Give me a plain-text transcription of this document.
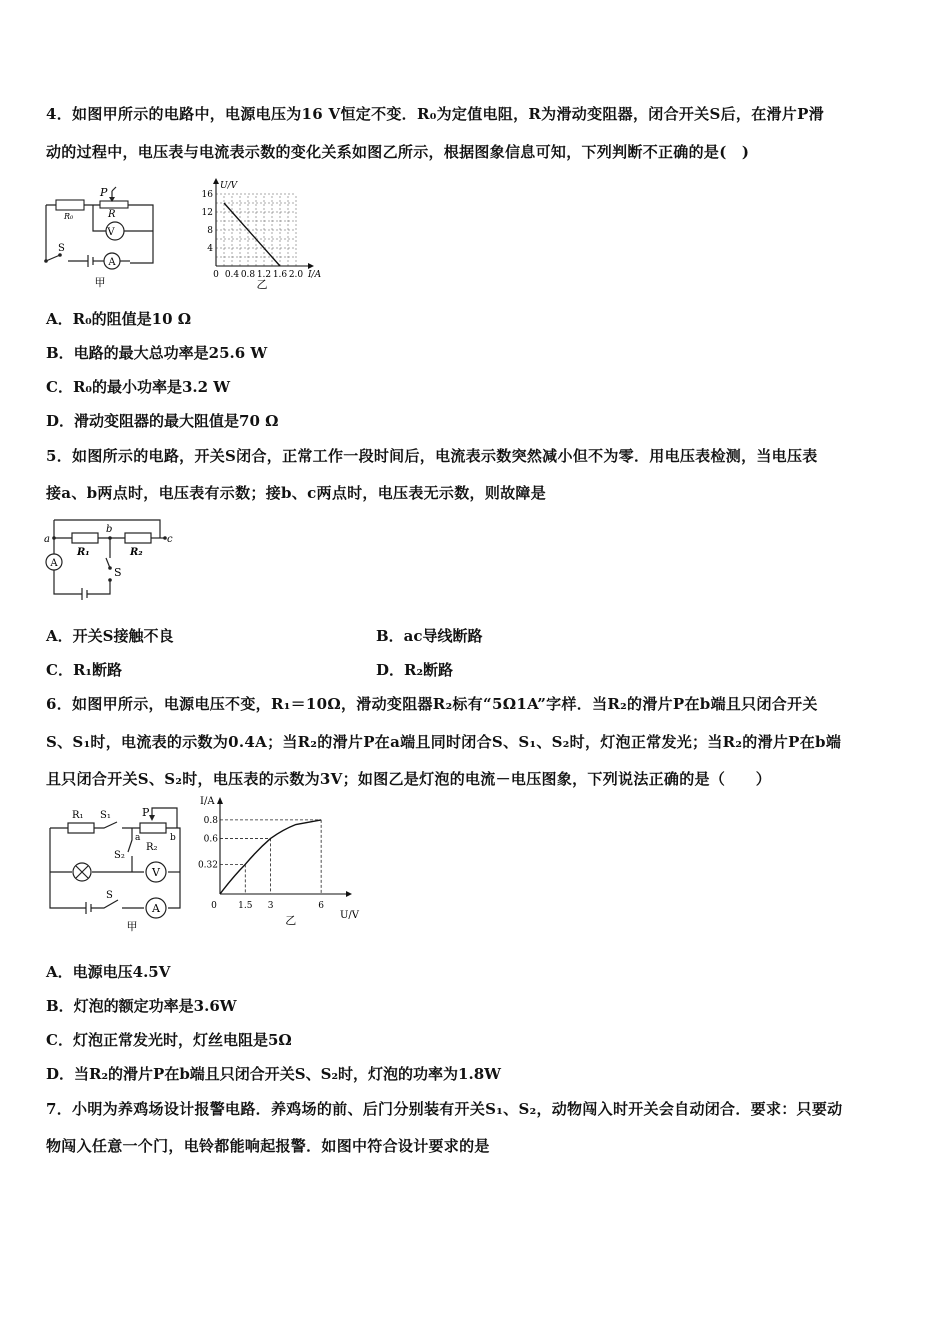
4．如图甲所示的电路中，电源电压为16 V恒定不变．R₀为定值电阻，R为滑动变阻器，闭合开关S后，在滑片P滑
动的过程中，电压表与电流表示数的变化关系如图乙所示，根据图象信息可知，下列判断不正确的是(　)
P
R
R₀
S
V
A
甲
0 0.4 0.8 1.2 1.6 2.0
4
8
12
16
I/A
U/V
乙
A．R₀的阻值是10 Ω
B．电路的最大总功率是25.6 W
C．R₀的最小功率是3.2 W
D．滑动变阻器的最大阻值是70 Ω
5．如图所示的电路，开关S闭合，正常工作一段时间后，电流表示数突然减小但不为零．用电压表检测，当电压表
接a、b两点时，电压表有示数；接b、c两点时，电压表无示数，则故障是
a
b
c
R₁	R₂
A
S
A．开关S接触不良	B．ac导线断路
C．R₁断路	D．R₂断路
6．如图甲所示，电源电压不变，R₁＝10Ω，滑动变阻器R₂标有“5Ω1A”字样．当R₂的滑片P在b端且只闭合开关
S、S₁时，电流表的示数为0.4A；当R₂的滑片P在a端且同时闭合S、S₁、S₂时，灯泡正常发光；当R₂的滑片P在b端
且只闭合开关S、S₂时，电压表的示数为3V；如图乙是灯泡的电流－电压图象，下列说法正确的是（　　）
R₁ S₁	P
b
a
S₂
R₂
S
V
A
甲
0 1.5 3	6
0.32
0.6
0.8
U/V
I/A
乙
A．电源电压4.5V
B．灯泡的额定功率是3.6W
C．灯泡正常发光时，灯丝电阻是5Ω
D．当R₂的滑片P在b端且只闭合开关S、S₂时，灯泡的功率为1.8W
7．小明为养鸡场设计报警电路．养鸡场的前、后门分别装有开关S₁、S₂，动物闯入时开关会自动闭合．要求：只要动
物闯入任意一个门，电铃都能响起报警．如图中符合设计要求的是
